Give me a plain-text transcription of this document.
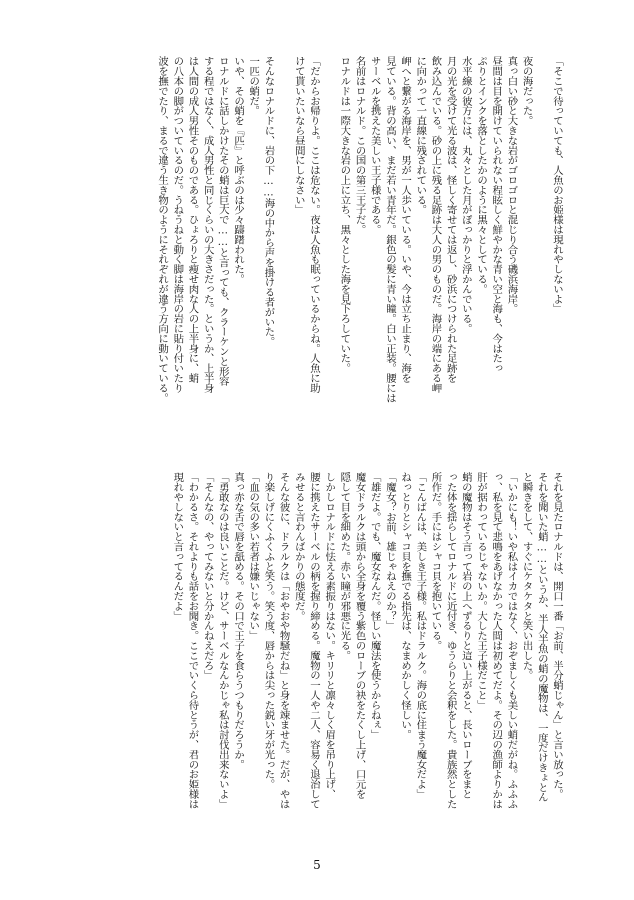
「そこで待っていても、人魚のお姫様は現れやしないよ」
夜の海だった。
真っ白い砂と大きな岩がゴロゴロと混じり合う磯浜海岸。
昼間は目を開けていられない程眩しく鮮やかな青い空と海も、今はたっ
ぷりとインクを落としたかのように黒々としている。
水平線の彼方には、丸々とした月がぽっかりと浮かんでいる。
月の光を受けて光る波は、怪しく寄せては返し、砂浜につけられた足跡を
飲み込んでいる。砂の上に残る足跡は大人の男のものだ。海岸の端にある岬
に向かって一直線に残されている。
岬へと繋がる海岸を、男が一人歩いている。いや、今は立ち止まり、海を
見ている。背の高い、まだ若い青年だ。銀色の髪に青い瞳。白い正装。腰には
サーベルを携えた美しい王子様である。
名前はロナルド。この国の第三王子だ。
ロナルドは一際大きな岩の上に立ち、黒々とした海を見下ろしていた。
「だからお帰りよ。ここは危ない。夜は人魚も眠っているからね。人魚に助
けて貰いたいなら昼間にしなさい」
そんなロナルドに、岩の下……海の中から声を掛ける者がいた。
一匹の蛸だ。
いや、その蛸を『匹』と呼ぶのは少々躊躇われた。
ロナルドに話しかけたその蛸は巨大で……と言っても、クラーケンと形容
する程ではなく、成人男性と同じくらいの大きさだった。というか、上半身
は人間の成人男性そのものである。ひょろりと痩せ肉な人の上半身に、蛸
の八本の脚がついているのだ。うねうねと動く脚は海岸の岩に貼り付いたり
波を撫でたり、まるで違う生き物のようにそれぞれが違う方向に動いている。
それを見たロナルドは、開口一番「お前、半分蛸じゃん」と言い放った。
それを聞いた蛸……というか、半人半魚の蛸の魔物は、一度だけきょとん
と瞬きをして、すぐにケタケタと笑い出した。
「いかにも！いや私はイカではなく、おぞましくも美しい蛸だがね。ふふふ
っ、私を見て悲鳴をあげなかった人間は初めてだよ。その辺の漁師よりかは
肝が据わっているじゃないか。大した王子様だこと」
蛸の魔物はそう言って岩の上へずるりと這い上がると、長いローブをまと
った体を揺らしてロナルドに近付き、ゆうらりと会釈をした。貴族然とした
所作だ。手にはシャコ貝を抱いている。
「こんばんは、美しき王子様。私はドラルク。海の底に住まう魔女だよ」
ねっとりとシャコ貝を撫でる指先は、なまめかしく怪しい。
「魔女？お前、雄じゃねえのか？」
「雄だよ。でも、魔女なんだ。怪しい魔法を使うからねぇ」
魔女ドラルクは頭から全身を覆う紫色のローブの袂をたくし上げ、口元を
隠して目を細めた。赤い瞳が邪悪に光る。
しかしロナルドに怯える素振りはない。キリリと凛々しく眉を吊り上げ、
腰に携えたサーベルの柄を握り締める。魔物の一人や二人、容易く退治して
みせると言わんばかりの態度だ。
そんな彼に、ドラルクは「おやおや物騒だね」と身を竦ませた。だが、やは
り楽しげにくふくふと笑う。笑う度、唇からは尖った鋭い牙が光った。
「血の気の多い若者は嫌いじゃない」
真っ赤な舌で唇を舐める。その口で王子を食らうつもりだろうか。
「勇敢なのは良いことだ。けど、サーベルなんかじゃ私は討伐出来ないよ」
「そんなの、やってみないと分かんねえだろ」
「わかるさ。それよりも話をお聞き。ここでいくら待とうが、君のお姫様は
現れやしないと言ってるんだよ」
5
